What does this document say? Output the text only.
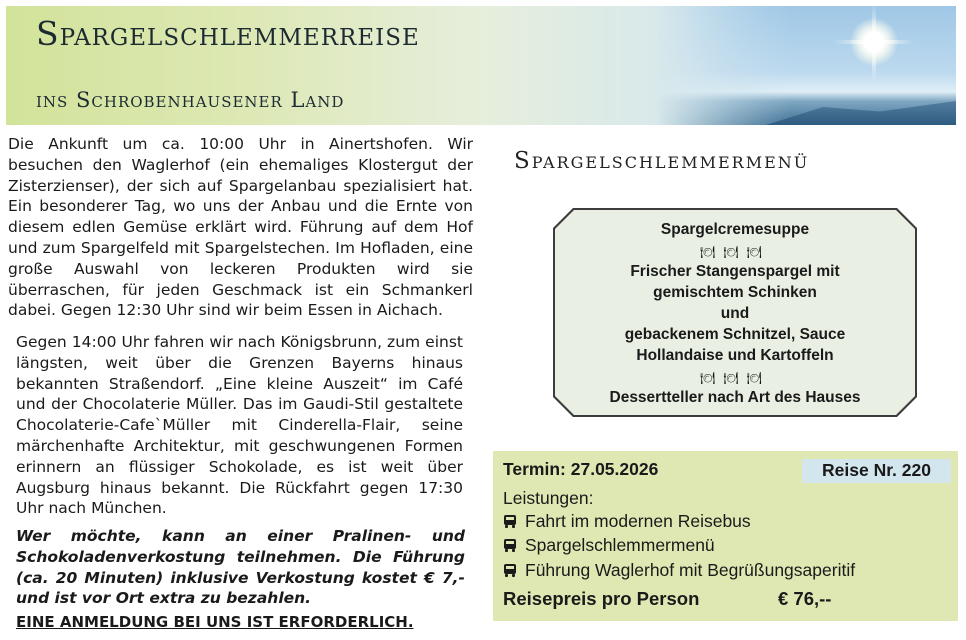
Spargelschlemmerreise
ins Schrobenhausener Land
Die Ankunft um ca. 10:00 Uhr in Ainertshofen. Wir besuchen den Waglerhof (ein ehemaliges Klostergut der Zisterzienser), der sich auf Spargelanbau spezialisiert hat. Ein besonderer Tag, wo uns der Anbau und die Ernte von diesem edlen Gemüse erklärt wird. Führung auf dem Hof und zum Spargelfeld mit Spargelstechen. Im Hofladen, eine große Auswahl von leckeren Produkten wird sie überraschen, für jeden Geschmack ist ein Schmankerl dabei. Gegen 12:30 Uhr sind wir beim Essen in Aichach.
Gegen 14:00 Uhr fahren wir nach Königsbrunn, zum einst längsten, weit über die Grenzen Bayerns hinaus bekannten Straßendorf. „Eine kleine Auszeit“ im Café und der Chocolaterie Müller. Das im Gaudi-Stil gestaltete Chocolaterie-Cafe`Müller mit Cinderella-Flair, seine märchenhafte Architektur, mit geschwungenen Formen erinnern an flüssiger Schokolade, es ist weit über Augsburg hinaus bekannt. Die Rückfahrt gegen 17:30 Uhr nach München.
Wer möchte, kann an einer Pralinen- und Schokoladenverkostung teilnehmen. Die Führung (ca. 20 Minuten) inklusive Verkostung kostet € 7,- und ist vor Ort extra zu bezahlen.
EINE ANMELDUNG BEI UNS IST ERFORDERLICH.
Spargelschlemmermenü
Spargelcremesuppe
🍽🍽🍽
Frischer Stangenspargel mit
gemischtem Schinken
und
gebackenem Schnitzel, Sauce
Hollandaise und Kartoffeln
🍽🍽🍽
Dessertteller nach Art des Hauses
Termin: 27.05.2026	Reise Nr. 220
Leistungen:
Fahrt im modernen Reisebus
Spargelschlemmermenü
Führung Waglerhof mit Begrüßungsaperitif
Reisepreis pro Person	€ 76,--
